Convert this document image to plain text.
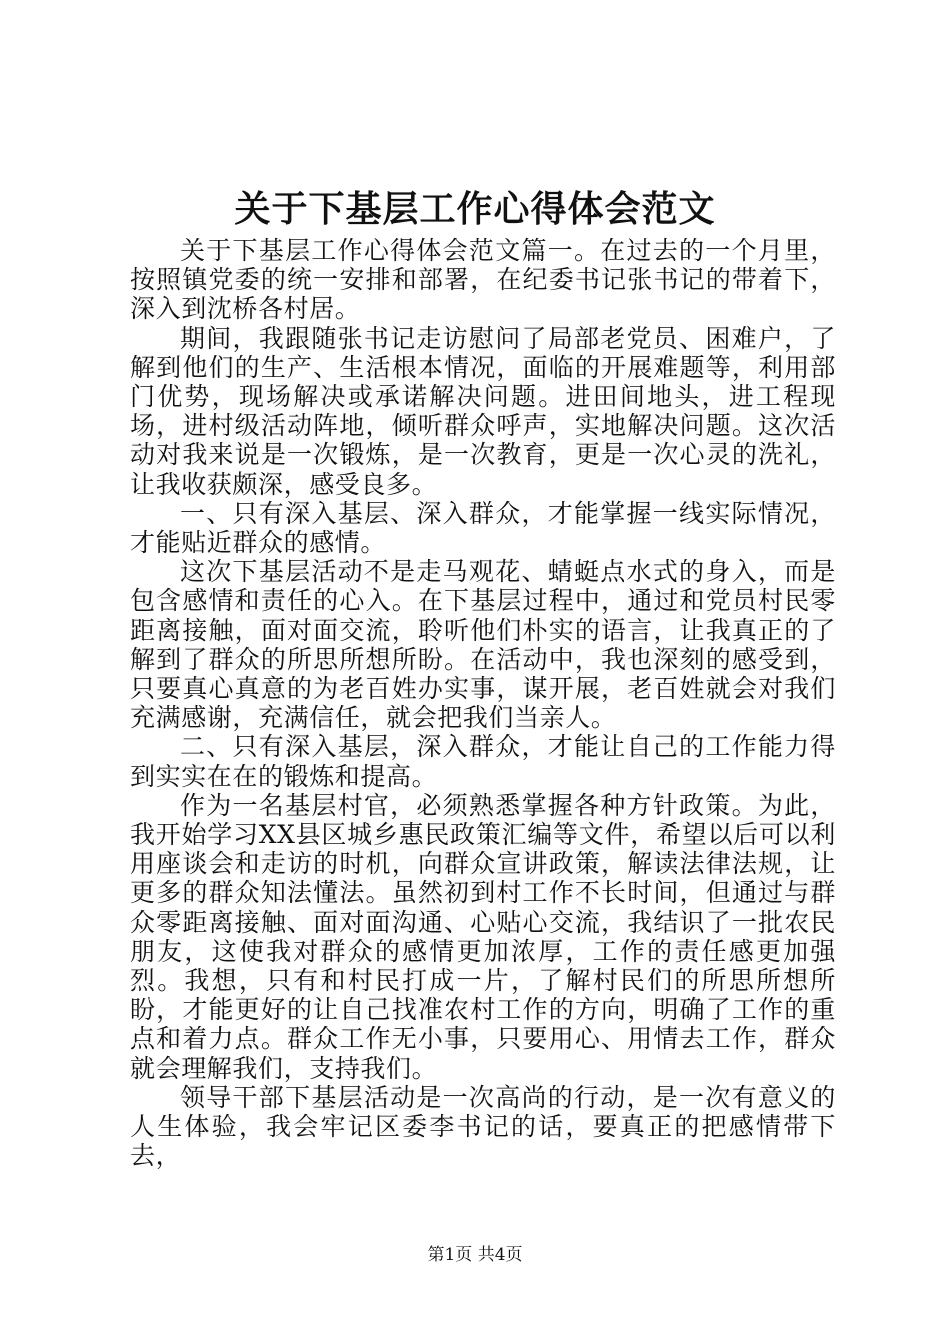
关于下基层工作心得体会范文

关于下基层工作心得体会范文篇一。在过去的一个月里，按照镇党委的统一安排和部署，在纪委书记张书记的带着下，深入到沈桥各村居。

期间，我跟随张书记走访慰问了局部老党员、困难户，了解到他们的生产、生活根本情况，面临的开展难题等，利用部门优势，现场解决或承诺解决问题。进田间地头，进工程现场，进村级活动阵地，倾听群众呼声，实地解决问题。这次活动对我来说是一次锻炼，是一次教育，更是一次心灵的洗礼，让我收获颇深，感受良多。

一、只有深入基层、深入群众，才能掌握一线实际情况，才能贴近群众的感情。

这次下基层活动不是走马观花、蜻蜓点水式的身入，而是包含感情和责任的心入。在下基层过程中，通过和党员村民零距离接触，面对面交流，聆听他们朴实的语言，让我真正的了解到了群众的所思所想所盼。在活动中，我也深刻的感受到，只要真心真意的为老百姓办实事，谋开展，老百姓就会对我们充满感谢，充满信任，就会把我们当亲人。

二、只有深入基层，深入群众，才能让自己的工作能力得到实实在在的锻炼和提高。

作为一名基层村官，必须熟悉掌握各种方针政策。为此，我开始学习XX县区城乡惠民政策汇编等文件，希望以后可以利用座谈会和走访的时机，向群众宣讲政策，解读法律法规，让更多的群众知法懂法。虽然初到村工作不长时间，但通过与群众零距离接触、面对面沟通、心贴心交流，我结识了一批农民朋友，这使我对群众的感情更加浓厚，工作的责任感更加强烈。我想，只有和村民打成一片，了解村民们的所思所想所盼，才能更好的让自己找准农村工作的方向，明确了工作的重点和着力点。群众工作无小事，只要用心、用情去工作，群众就会理解我们，支持我们。

领导干部下基层活动是一次高尚的行动，是一次有意义的人生体验，我会牢记区委李书记的话，要真正的把感情带下去，

第1页 共4页
